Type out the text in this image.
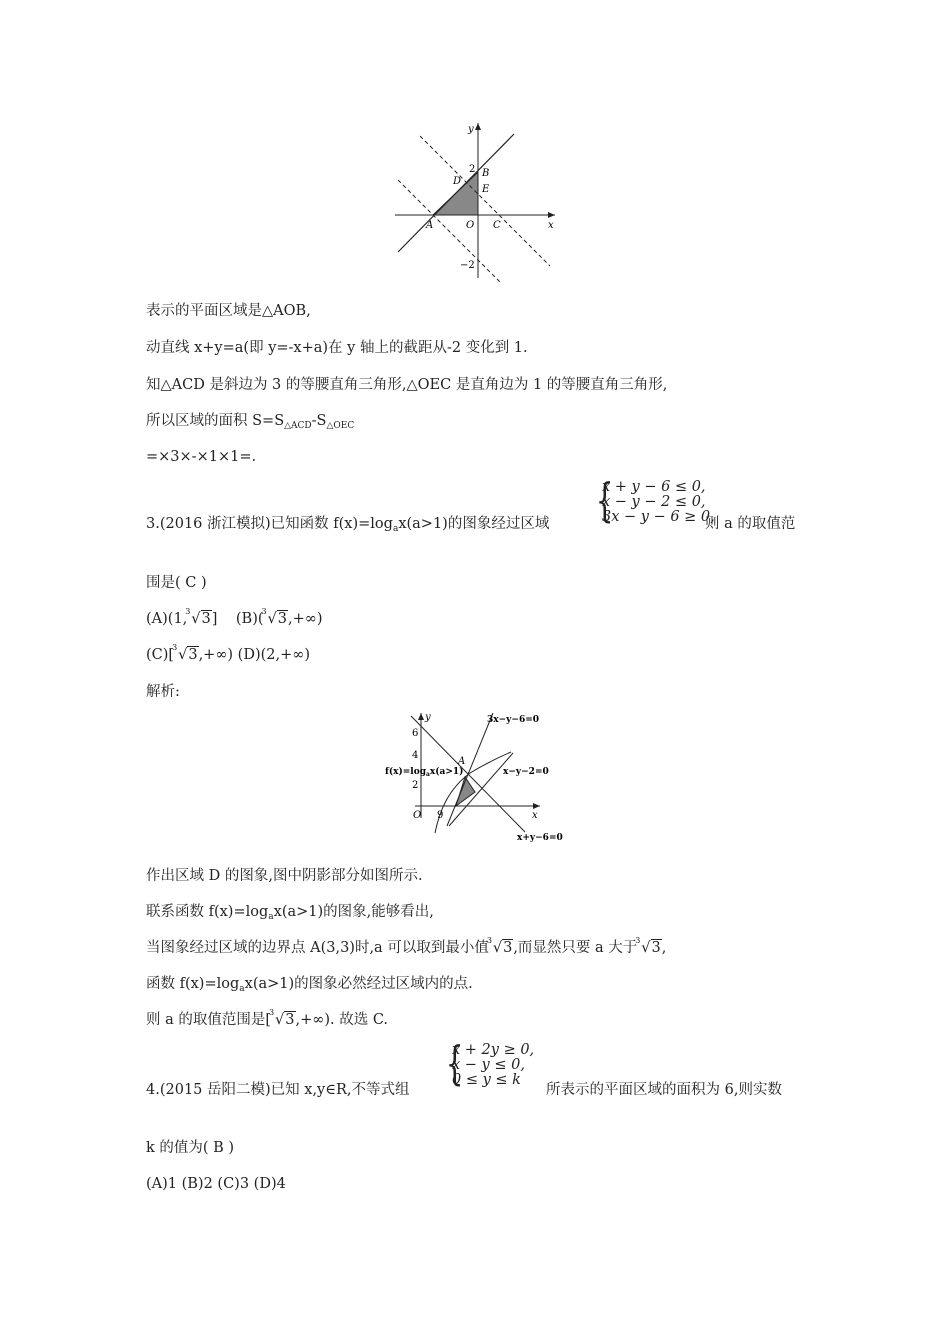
y
x
O
2
−2
A
B
C
D
E
表示的平面区域是△AOB,
动直线 x+y=a(即 y=-x+a)在 y 轴上的截距从-2 变化到 1.
知△ACD 是斜边为 3 的等腰直角三角形,△OEC 是直角边为 1 的等腰直角三角形,
所以区域的面积 $S=S_{\triangle ACD}-S_{\triangle OEC}$
=×3×-×1×1=.
3.(2016 浙江模拟)已知函数 $f(x)=\log_ax(a>1)$的图象经过区域 {
x + y − 6 ≤ 0,
x − y − 2 ≤ 0,
3x − y − 6 ≥ 0,
则 a 的取值范
围是( C )
(A)(1,
3 √3] (B)(
3 √3,+∞)
(C)[
3 √3,+∞) (D)(2,+∞)
解析:
y
x
O
6
4
2
9
3x−y−6=0
x−y−2=0
x+y−6=0
$f(x)=\log_ax(a>1)$
A
作出区域 D 的图象,图中阴影部分如图所示.
联系函数 $f(x)=\log_ax(a>1)$的图象,能够看出,
当图象经过区域的边界点 A(3,3)时,a 可以取到最小值
3 √3,而显然只要 a 大于
3 √3,
函数 $f(x)=\log_ax(a>1)$的图象必然经过区域内的点.
则 a 的取值范围是[
3 √3,+∞). 故选 C.
4.(2015 岳阳二模)已知 x,y∈R,不等式组 {
x + 2y ≥ 0,
x − y ≤ 0,
0 ≤ y ≤ k
所表示的平面区域的面积为 6,则实数
k 的值为( B )
(A)1 (B)2 (C)3 (D)4
